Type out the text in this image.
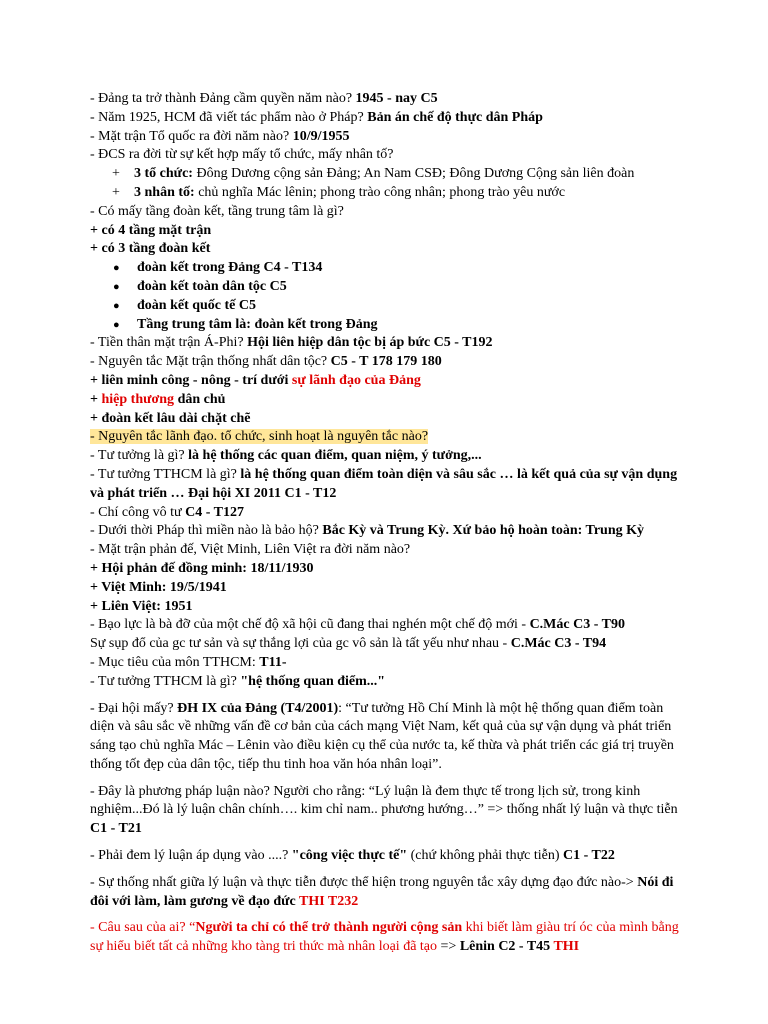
- Đảng ta trở thành Đảng cầm quyền năm nào? 1945 - nay C5
- Năm 1925, HCM đã viết tác phẩm nào ở Pháp? Bản án chế độ thực dân Pháp
- Mặt trận Tổ quốc ra đời năm nào? 10/9/1955
- ĐCS ra đời từ sự kết hợp mấy tổ chức, mấy nhân tố?
+ 3 tổ chức: Đông Dương cộng sản Đảng; An Nam CSĐ; Đông Dương Cộng sản liên đoàn
+ 3 nhân tố: chủ nghĩa Mác lênin; phong trào công nhân; phong trào yêu nước
- Có mấy tầng đoàn kết, tầng trung tâm là gì?
+ có 4 tầng mặt trận
+ có 3 tầng đoàn kết
● đoàn kết trong Đảng C4 - T134
● đoàn kết toàn dân tộc C5
● đoàn kết quốc tế C5
● Tầng trung tâm là: đoàn kết trong Đảng
- Tiền thân mặt trận Á-Phi? Hội liên hiệp dân tộc bị áp bức C5 - T192
- Nguyên tắc Mặt trận thống nhất dân tộc? C5 - T 178 179 180
+ liên minh công - nông - trí dưới sự lãnh đạo của Đảng
+ hiệp thương dân chủ
+ đoàn kết lâu dài chặt chẽ
- Nguyên tắc lãnh đạo. tổ chức, sinh hoạt là nguyên tắc nào?
- Tư tưởng là gì? là hệ thống các quan điểm, quan niệm, ý tưởng,...
- Tư tưởng TTHCM là gì? là hệ thống quan điểm toàn diện và sâu sắc … là kết quả của sự vận dụng và phát triển … Đại hội XI 2011 C1 - T12
- Chí công vô tư C4 - T127
- Dưới thời Pháp thì miền nào là bảo hộ? Bắc Kỳ và Trung Kỳ. Xứ bảo hộ hoàn toàn: Trung Kỳ
- Mặt trận phản đế, Việt Minh, Liên Việt ra đời năm nào?
+ Hội phản đế đồng minh: 18/11/1930
+ Việt Minh: 19/5/1941
+ Liên Việt: 1951
- Bạo lực là bà đỡ của một chế độ xã hội cũ đang thai nghén một chế độ mới - C.Mác C3 - T90
Sự sụp đổ của gc tư sản và sự thắng lợi của gc vô sản là tất yếu như nhau - C.Mác C3 - T94
- Mục tiêu của môn TTHCM: T11-
- Tư tưởng TTHCM là gì? "hệ thống quan điểm..."
- Đại hội mấy? ĐH IX của Đảng (T4/2001): “Tư tưởng Hồ Chí Minh là một hệ thống quan điểm toàn diện và sâu sắc về những vấn đề cơ bản của cách mạng Việt Nam, kết quả của sự vận dụng và phát triển sáng tạo chủ nghĩa Mác – Lênin vào điều kiện cụ thể của nước ta, kế thừa và phát triển các giá trị truyền thống tốt đẹp của dân tộc, tiếp thu tinh hoa văn hóa nhân loại”.
- Đây là phương pháp luận nào? Người cho rằng: “Lý luận là đem thực tế trong lịch sử, trong kinh nghiệm...Đó là lý luận chân chính…. kim chỉ nam.. phương hướng…” => thống nhất lý luận và thực tiễn C1 - T21
- Phải đem lý luận áp dụng vào ....? "công việc thực tế" (chứ không phải thực tiễn) C1 - T22
- Sự thống nhất giữa lý luận và thực tiễn được thể hiện trong nguyên tắc xây dựng đạo đức nào-> Nói đi đôi với làm, làm gương về đạo đức THI T232
- Câu sau của ai? “Người ta chỉ có thể trở thành người cộng sản khi biết làm giàu trí óc của mình bằng sự hiểu biết tất cả những kho tàng tri thức mà nhân loại đã tạo => Lênin C2 - T45 THI
